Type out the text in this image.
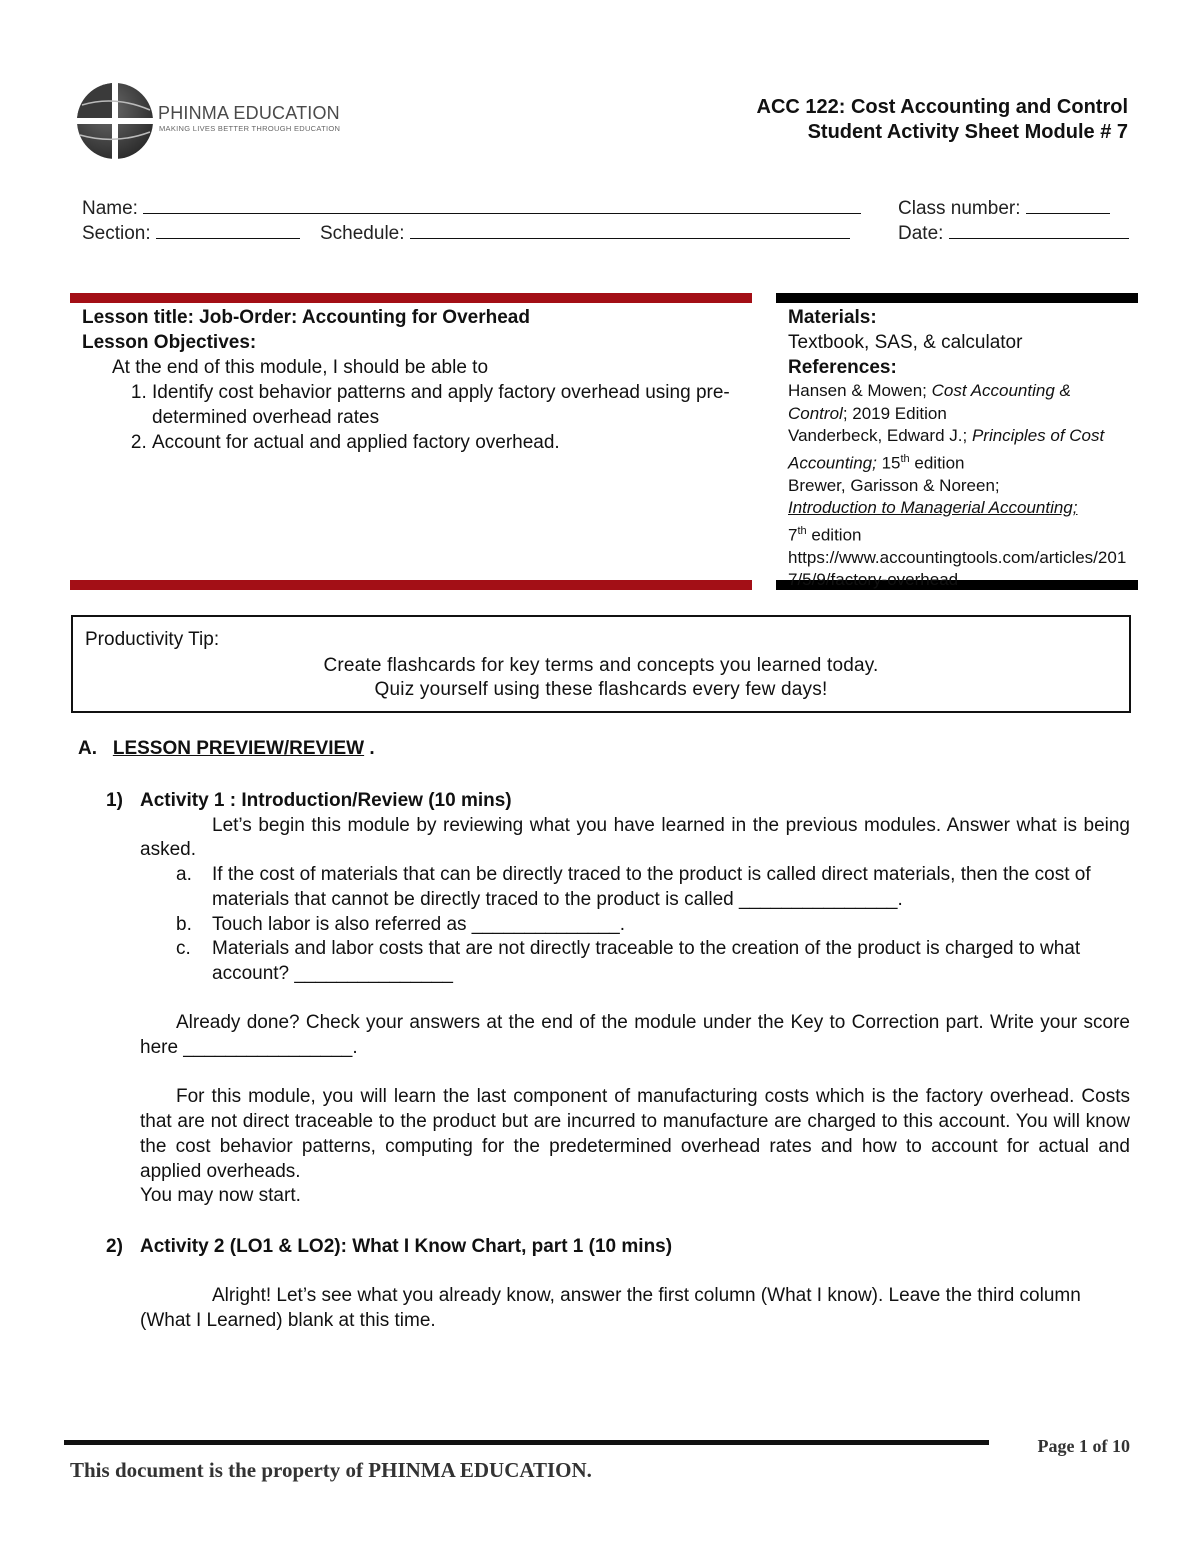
PHINMA EDUCATION
MAKING LIVES BETTER THROUGH EDUCATION
ACC 122: Cost Accounting and Control
Student Activity Sheet Module # 7
Name:	Class number:
Section:	Schedule:	Date:
Lesson title: Job-Order: Accounting for Overhead
Lesson Objectives:
At the end of this module, I should be able to
1. Identify cost behavior patterns and apply factory overhead using pre-determined overhead rates
2. Account for actual and applied factory overhead.
Materials:
Textbook, SAS, & calculator
References:
Hansen & Mowen; Cost Accounting & Control; 2019 Edition
Vanderbeck, Edward J.; Principles of Cost Accounting; 15th edition
Brewer, Garisson & Noreen;
Introduction to Managerial Accounting;
7th edition
https://www.accountingtools.com/articles/2017/5/9/factory-overhead
Productivity Tip:
Create flashcards for key terms and concepts you learned today.
Quiz yourself using these flashcards every few days!
A. LESSON PREVIEW/REVIEW .
1) Activity 1 : Introduction/Review (10 mins)
Let’s begin this module by reviewing what you have learned in the previous modules. Answer what is being asked.
a. If the cost of materials that can be directly traced to the product is called direct materials, then the cost of materials that cannot be directly traced to the product is called _______________.
b. Touch labor is also referred as ______________.
c. Materials and labor costs that are not directly traceable to the creation of the product is charged to what account? _______________
Already done? Check your answers at the end of the module under the Key to Correction part. Write your score here ________________.
For this module, you will learn the last component of manufacturing costs which is the factory overhead. Costs that are not direct traceable to the product but are incurred to manufacture are charged to this account. You will know the cost behavior patterns, computing for the predetermined overhead rates and how to account for actual and applied overheads.
You may now start.
2) Activity 2 (LO1 & LO2): What I Know Chart, part 1 (10 mins)
Alright! Let’s see what you already know, answer the first column (What I know). Leave the third column (What I Learned) blank at this time.
Page 1 of 10
This document is the property of PHINMA EDUCATION.
